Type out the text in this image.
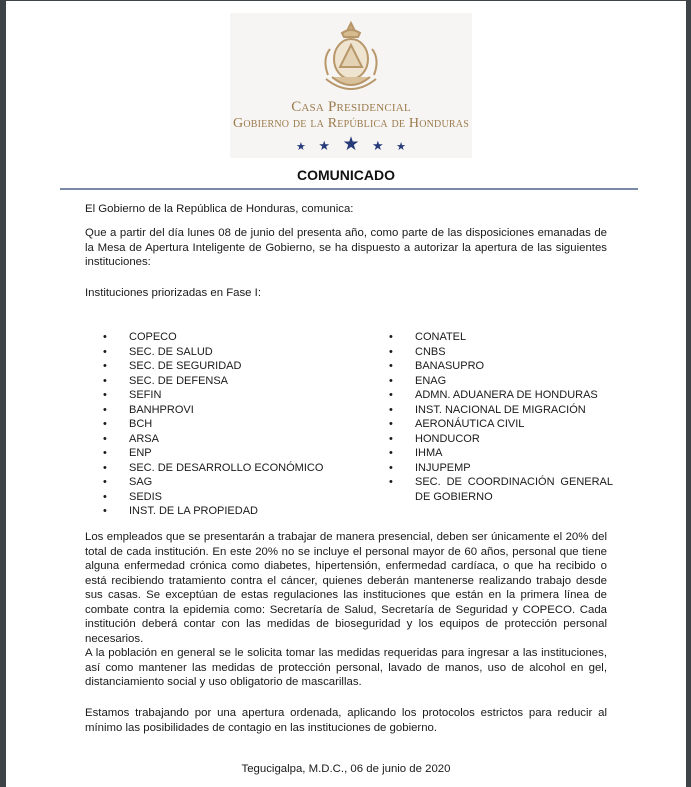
Casa Presidencial
Gobierno de la República de Honduras
★ ★ ★ ★ ★
COMUNICADO
El Gobierno de la República de Honduras, comunica:
Que a partir del día lunes 08 de junio del presenta año, como parte de las disposiciones emanadas de la Mesa de Apertura Inteligente de Gobierno, se ha dispuesto a autorizar la apertura de las siguientes instituciones:
Instituciones priorizadas en Fase I:
• COPECO
• SEC. DE SALUD
• SEC. DE SEGURIDAD
• SEC. DE DEFENSA
• SEFIN
• BANHPROVI
• BCH
• ARSA
• ENP
• SEC. DE DESARROLLO ECONÓMICO
• SAG
• SEDIS
• INST. DE LA PROPIEDAD
• CONATEL
• CNBS
• BANASUPRO
• ENAG
• ADMN. ADUANERA DE HONDURAS
• INST. NACIONAL DE MIGRACIÓN
• AERONÁUTICA CIVIL
• HONDUCOR
• IHMA
• INJUPEMP
• SEC. DE COORDINACIÓN GENERAL DE GOBIERNO
Los empleados que se presentarán a trabajar de manera presencial, deben ser únicamente el 20% del total de cada institución. En este 20% no se incluye el personal mayor de 60 años, personal que tiene alguna enfermedad crónica como diabetes, hipertensión, enfermedad cardíaca, o que ha recibido o está recibiendo tratamiento contra el cáncer, quienes deberán mantenerse realizando trabajo desde sus casas. Se exceptúan de estas regulaciones las instituciones que están en la primera línea de combate contra la epidemia como: Secretaría de Salud, Secretaría de Seguridad y COPECO. Cada institución deberá contar con las medidas de bioseguridad y los equipos de protección personal necesarios.
A la población en general se le solicita tomar las medidas requeridas para ingresar a las instituciones, así como mantener las medidas de protección personal, lavado de manos, uso de alcohol en gel, distanciamiento social y uso obligatorio de mascarillas.
Estamos trabajando por una apertura ordenada, aplicando los protocolos estrictos para reducir al mínimo las posibilidades de contagio en las instituciones de gobierno.
Tegucigalpa, M.D.C., 06 de junio de 2020
